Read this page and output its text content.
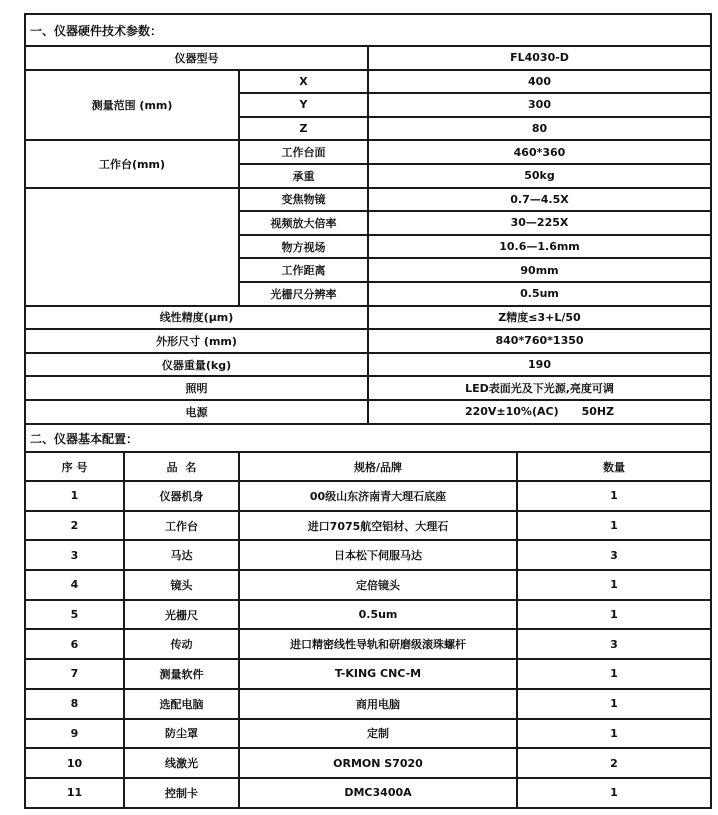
一、仪器硬件技术参数：		
仪器型号		FL4030-D
测量范围 (mm)	X	400
	Y	300
	Z	80
工作台(mm)	工作台面	460*360
	承重	50kg
	变焦物镜	0.7—4.5X
	视频放大倍率	30—225X
	物方视场	10.6—1.6mm
	工作距离	90mm
	光栅尺分辨率	0.5um
线性精度(μm)		Z精度≤3+L/50
外形尺寸 (mm)		840*760*1350
仪器重量(kg)		190
照明		LED表面光及下光源,亮度可调
电源		220V±10%(AC)      50HZ
二、仪器基本配置：			
序 号	品  名	规格/品牌	数量
1	仪器机身	00级山东济南青大理石底座	1
2	工作台	进口7075航空铝材、大理石	1
3	马达	日本松下伺服马达	3
4	镜头	定倍镜头	1
5	光栅尺	0.5um	1
6	传动	进口精密线性导轨和研磨级滚珠螺杆	3
7	测量软件	T-KING CNC-M	1
8	选配电脑	商用电脑	1
9	防尘罩	定制	1
10	线激光	ORMON S7020	2
11	控制卡	DMC3400A	1
